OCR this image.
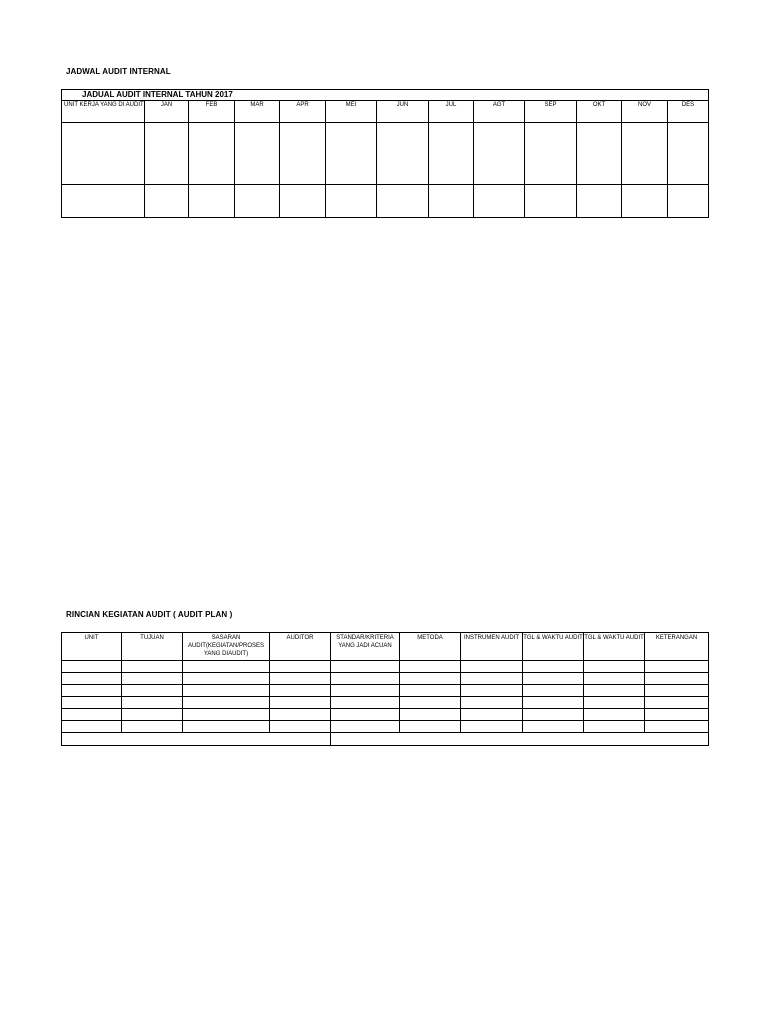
JADWAL AUDIT INTERNAL
JADUAL AUDIT INTERNAL TAHUN 2017												
UNIT KERJA YANG DI AUDIT	JAN	FEB	MAR	APR	MEI	JUN	JUL	AGT	SEP	OKT	NOV	DES

RINCIAN KEGIATAN AUDIT ( AUDIT PLAN )
UNIT	TUJUAN	SASARAN AUDIT(KEGIATAN/PROSES YANG DIAUDIT)	AUDITOR	STANDAR/KRITERIA YANG JADI ACUAN	METODA	INSTRUMEN AUDIT	TGL & WAKTU AUDIT	TGL & WAKTU AUDIT	KETERANGAN
